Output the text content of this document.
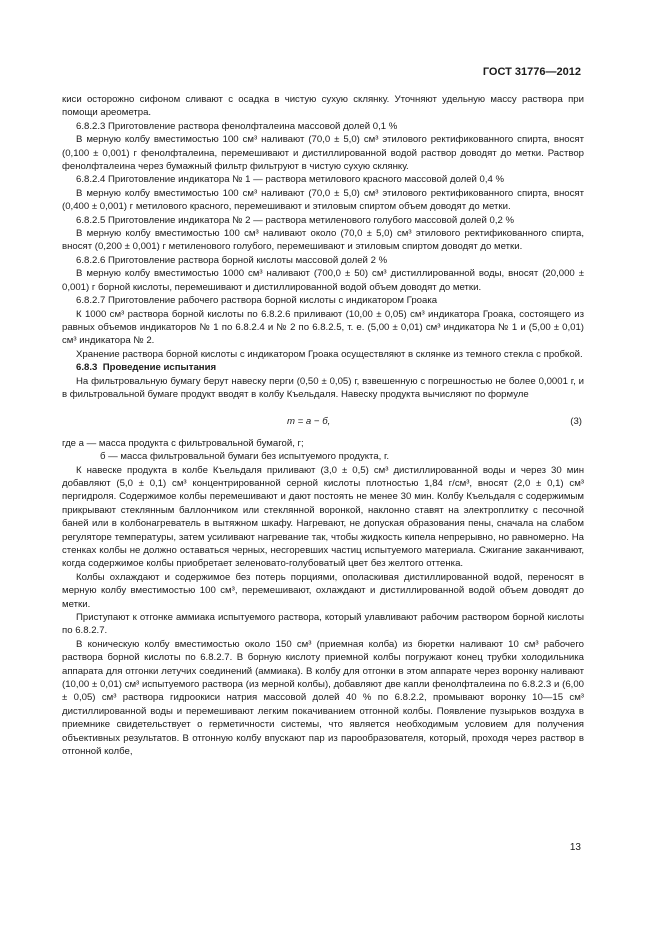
ГОСТ 31776—2012

киси осторожно сифоном сливают с осадка в чистую сухую склянку. Уточняют удельную массу раствора при помощи ареометра.

6.8.2.3 Приготовление раствора фенолфталеина массовой долей 0,1 %

В мерную колбу вместимостью 100 см³ наливают (70,0 ± 5,0) см³ этилового ректификованного спирта, вносят (0,100 ± 0,001) г фенолфталеина, перемешивают и дистиллированной водой раствор доводят до метки. Раствор фенолфталеина через бумажный фильтр фильтруют в чистую сухую склянку.

6.8.2.4 Приготовление индикатора № 1 — раствора метилового красного массовой долей 0,4 %

В мерную колбу вместимостью 100 см³ наливают (70,0 ± 5,0) см³ этилового ректификованного спирта, вносят (0,400 ± 0,001) г метилового красного, перемешивают и этиловым спиртом объем доводят до метки.

6.8.2.5 Приготовление индикатора № 2 — раствора метиленового голубого массовой долей 0,2 %

В мерную колбу вместимостью 100 см³ наливают около (70,0 ± 5,0) см³ этилового ректификованного спирта, вносят (0,200 ± 0,001) г метиленового голубого, перемешивают и этиловым спиртом доводят до метки.

6.8.2.6 Приготовление раствора борной кислоты массовой долей 2 %

В мерную колбу вместимостью 1000 см³ наливают (700,0 ± 50) см³ дистиллированной воды, вносят (20,000 ± 0,001) г борной кислоты, перемешивают и дистиллированной водой объем доводят до метки.

6.8.2.7 Приготовление рабочего раствора борной кислоты с индикатором Гроака

К 1000 см³ раствора борной кислоты по 6.8.2.6 приливают (10,00 ± 0,05) см³ индикатора Гроака, состоящего из равных объемов индикаторов № 1 по 6.8.2.4 и № 2 по 6.8.2.5, т. е. (5,00 ± 0,01) см³ индикатора № 1 и (5,00 ± 0,01) см³ индикатора № 2.

Хранение раствора борной кислоты с индикатором Гроака осуществляют в склянке из темного стекла с пробкой.

6.8.3 Проведение испытания

На фильтровальную бумагу берут навеску перги (0,50 ± 0,05) г, взвешенную с погрешностью не более 0,0001 г, и в фильтровальной бумаге продукт вводят в колбу Къельдаля. Навеску продукта вычисляют по формуле

m = a − б,	(3)

где а — масса продукта с фильтровальной бумагой, г;

б — масса фильтровальной бумаги без испытуемого продукта, г.

К навеске продукта в колбе Къельдаля приливают (3,0 ± 0,5) см³ дистиллированной воды и через 30 мин добавляют (5,0 ± 0,1) см³ концентрированной серной кислоты плотностью 1,84 г/см³, вносят (2,0 ± 0,1) см³ пергидроля. Содержимое колбы перемешивают и дают постоять не менее 30 мин. Колбу Къельдаля с содержимым прикрывают стеклянным баллончиком или стеклянной воронкой, наклонно ставят на электроплитку с песочной баней или в колбонагреватель в вытяжном шкафу. Нагревают, не допуская образования пены, сначала на слабом регуляторе температуры, затем усиливают нагревание так, чтобы жидкость кипела непрерывно, но равномерно. На стенках колбы не должно оставаться черных, несгоревших частиц испытуемого материала. Сжигание заканчивают, когда содержимое колбы приобретает зеленовато-голубоватый цвет без желтого оттенка.

Колбы охлаждают и содержимое без потерь порциями, ополаскивая дистиллированной водой, переносят в мерную колбу вместимостью 100 см³, перемешивают, охлаждают и дистиллированной водой объем доводят до метки.

Приступают к отгонке аммиака испытуемого раствора, который улавливают рабочим раствором борной кислоты по 6.8.2.7.

В коническую колбу вместимостью около 150 см³ (приемная колба) из бюретки наливают 10 см³ рабочего раствора борной кислоты по 6.8.2.7. В борную кислоту приемной колбы погружают конец трубки холодильника аппарата для отгонки летучих соединений (аммиака). В колбу для отгонки в этом аппарате через воронку наливают (10,00 ± 0,01) см³ испытуемого раствора (из мерной колбы), добавляют две капли фенолфталеина по 6.8.2.3 и (6,00 ± 0,05) см³ раствора гидроокиси натрия массовой долей 40 % по 6.8.2.2, промывают воронку 10—15 см³ дистиллированной воды и перемешивают легким покачиванием отгонной колбы. Появление пузырьков воздуха в приемнике свидетельствует о герметичности системы, что является необходимым условием для получения объективных результатов. В отгонную колбу впускают пар из парообразователя, который, проходя через раствор в отгонной колбе,

13
